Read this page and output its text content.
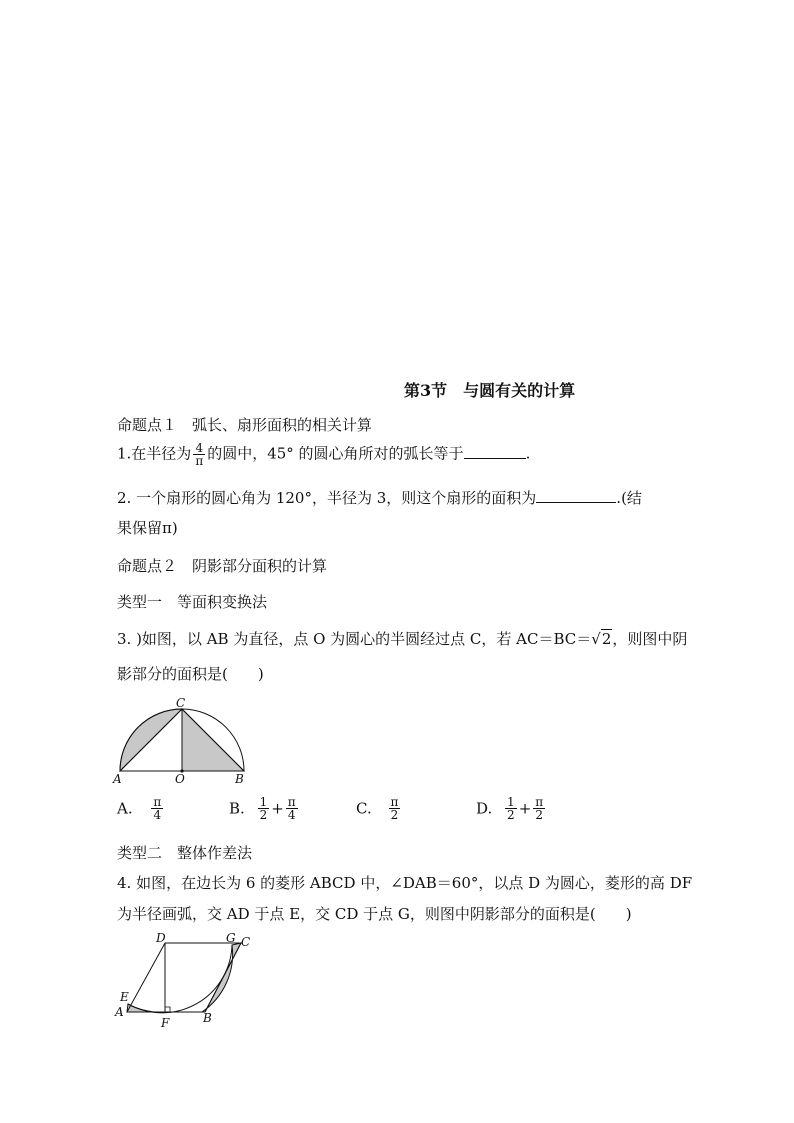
第3节　与圆有关的计算
命题点１　弧长、扇形面积的相关计算
1.在半径为 $\frac{4}{\pi}$ 的圆中，45° 的圆心角所对的弧长等于	.
2. 一个扇形的圆心角为 120°，半径为 3，则这个扇形的面积为	.(结
果保留π)
命题点２　阴影部分面积的计算
类型一　等面积变换法
3. )如图，以 AB 为直径，点 O 为圆心的半圆经过点 C，若 AC＝BC＝√2，则图中阴
影部分的面积是(　　)
C
A	O	B
A. $\frac{\pi}{4}$	B. $\frac{1}{2} + \frac{\pi}{4}$	C. $\frac{\pi}{2}$	D. $\frac{1}{2} + \frac{\pi}{2}$
类型二　整体作差法
4. 如图，在边长为 6 的菱形 ABCD 中，∠DAB＝60°，以点 D 为圆心，菱形的高 DF
为半径画弧，交 AD 于点 E，交 CD 于点 G，则图中阴影部分的面积是(　　)
D	G C
E
A
F	B
